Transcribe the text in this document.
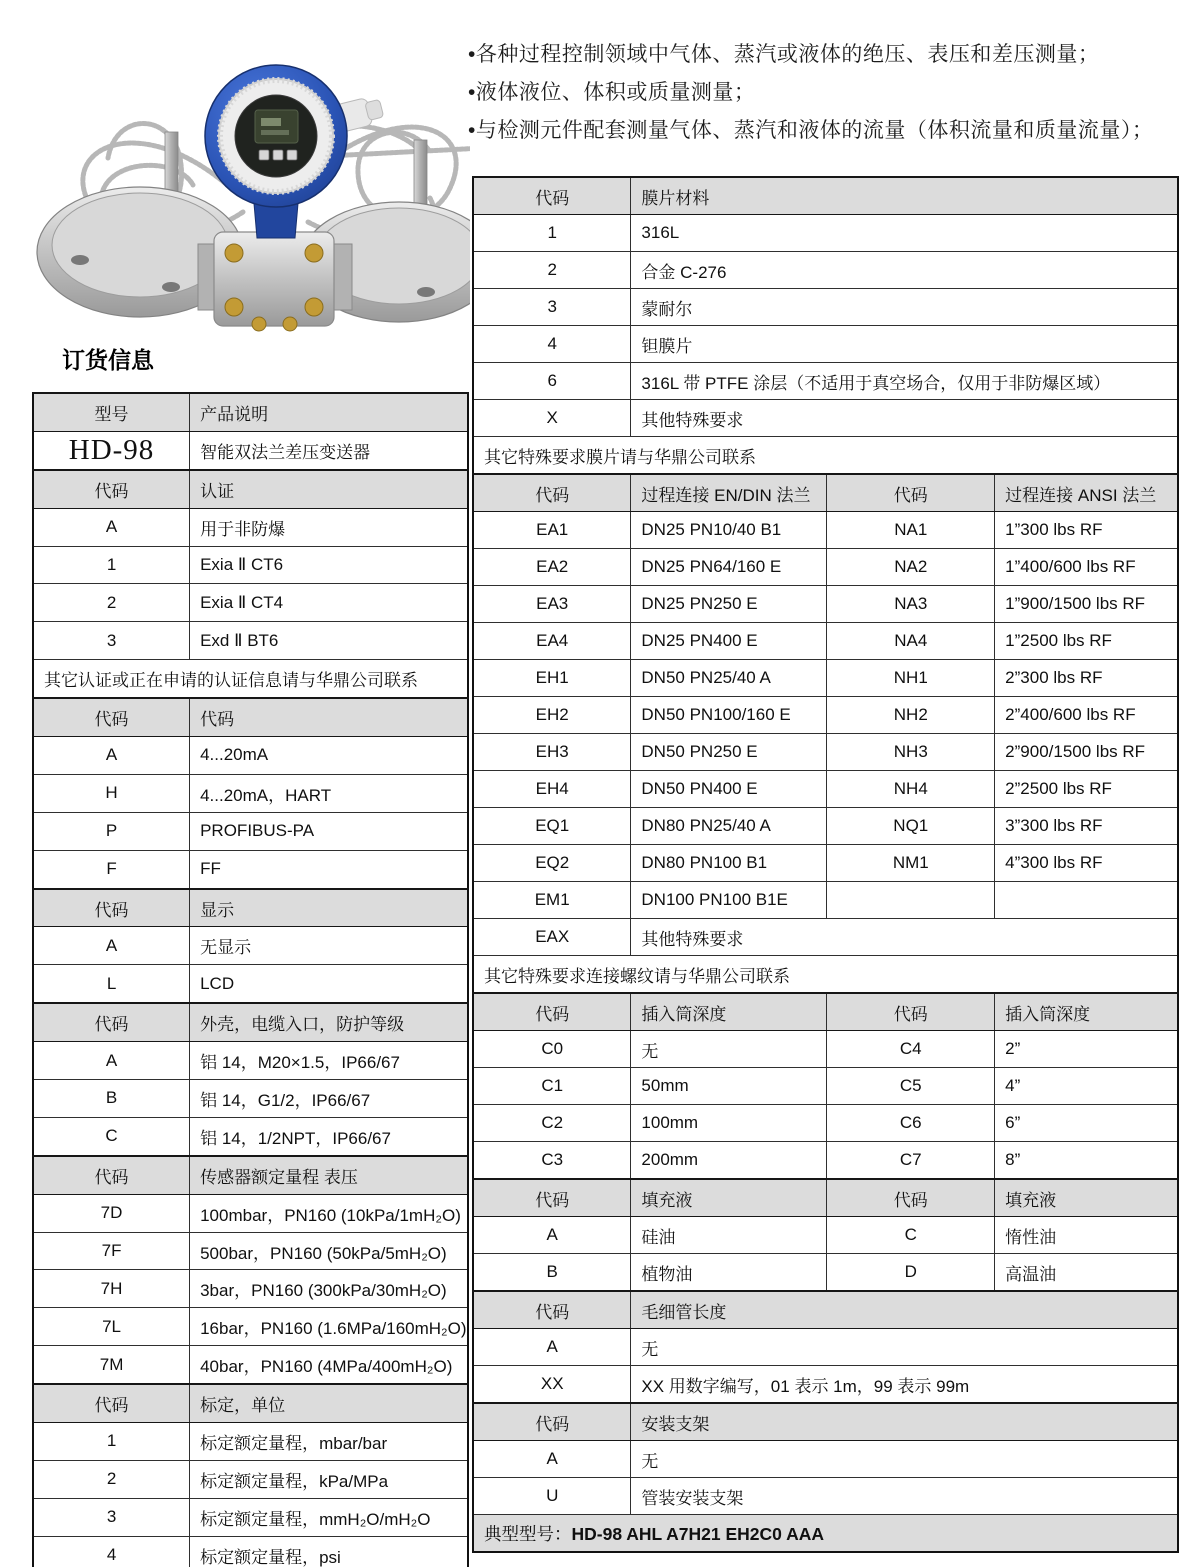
•各种过程控制领域中气体、蒸汽或液体的绝压、表压和差压测量；
•液体液位、体积或质量测量；
•与检测元件配套测量气体、蒸汽和液体的流量（体积流量和质量流量）；
订货信息
型号	产品说明
HD-98	智能双法兰差压变送器
代码	认证
A	用于非防爆
1	Exia Ⅱ CT6
2	Exia Ⅱ CT4
3	Exd Ⅱ BT6
其它认证或正在申请的认证信息请与华鼎公司联系	
代码	代码
A	4...20mA
H	4...20mA，HART
P	PROFIBUS-PA
F	FF
代码	显示
A	无显示
L	LCD
代码	外壳，电缆入口，防护等级
A	铝 14，M20×1.5，IP66/67
B	铝 14，G1/2，IP66/67
C	铝 14，1/2NPT，IP66/67
代码	传感器额定量程 表压
7D	100mbar，PN160 (10kPa/1mH₂O)
7F	500bar，PN160 (50kPa/5mH₂O)
7H	3bar，PN160 (300kPa/30mH₂O)
7L	16bar，PN160 (1.6MPa/160mH₂O)
7M	40bar，PN160 (4MPa/400mH₂O)
代码	标定，单位
1	标定额定量程，mbar/bar
2	标定额定量程，kPa/MPa
3	标定额定量程，mmH₂O/mH₂O
4	标定额定量程，psi
代码	膜片材料		
1	316L		
2	合金 C-276		
3	蒙耐尔		
4	钽膜片		
6	316L 带 PTFE 涂层（不适用于真空场合，仅用于非防爆区域）		
X	其他特殊要求		
其它特殊要求膜片请与华鼎公司联系			
代码	过程连接 EN/DIN 法兰	代码	过程连接 ANSI 法兰
EA1	DN25 PN10/40 B1	NA1	1”300 lbs RF
EA2	DN25 PN64/160 E	NA2	1”400/600 lbs RF
EA3	DN25 PN250 E	NA3	1”900/1500 lbs RF
EA4	DN25 PN400 E	NA4	1”2500 lbs RF
EH1	DN50 PN25/40 A	NH1	2”300 lbs RF
EH2	DN50 PN100/160 E	NH2	2”400/600 lbs RF
EH3	DN50 PN250 E	NH3	2”900/1500 lbs RF
EH4	DN50 PN400 E	NH4	2”2500 lbs RF
EQ1	DN80 PN25/40 A	NQ1	3”300 lbs RF
EQ2	DN80 PN100 B1	NM1	4”300 lbs RF
EM1	DN100 PN100 B1E		
EAX	其他特殊要求		
其它特殊要求连接螺纹请与华鼎公司联系			
代码	插入筒深度	代码	插入筒深度
C0	无	C4	2”
C1	50mm	C5	4”
C2	100mm	C6	6”
C3	200mm	C7	8”
代码	填充液	代码	填充液
A	硅油	C	惰性油
B	植物油	D	高温油
代码	毛细管长度		
A	无		
XX	XX 用数字编写，01 表示 1m，99 表示 99m		
代码	安装支架		
A	无		
U	管装安装支架		
典型型号：HD-98 AHL A7H21 EH2C0 AAA			
